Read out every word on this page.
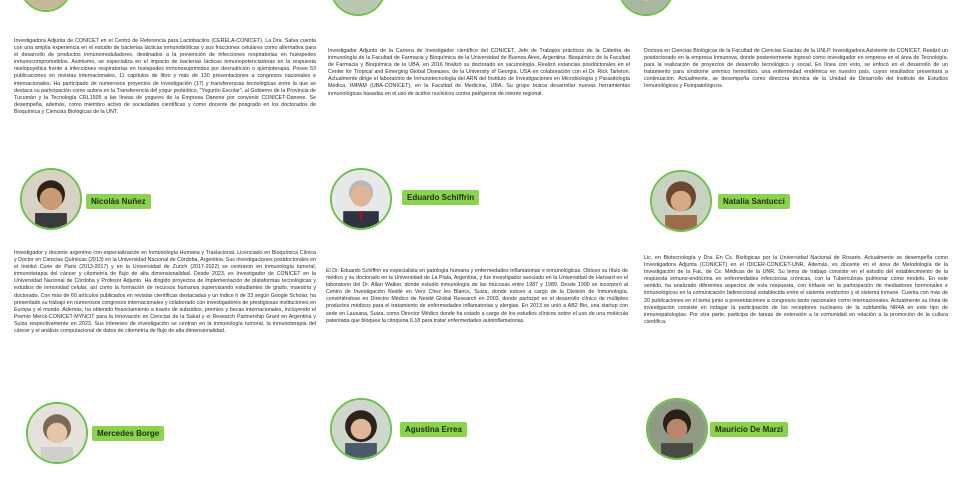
Investigadora Adjunta de CONICET en el Centro de Referencia para Lactobacilos (CERELA-CONICET). La Dra. Salva cuenta con una amplia experiencia en el estudio de bacterias lácticas inmunobióticas y sus fracciones celulares como alternativa para el desarrollo de productos inmunomoduladores, destinados a la prevención de infecciones respiratorias en huéspedes inmunocomprometidos. Asimismo, se especializa en el impacto de bacterias lácticas inmunopotenciadoras en la respuesta mielopoyética frente a infecciones respiratorias en huéspedes inmunosuprimidos por desnutrición o quimioterapia. Posee 53 publicaciones en revistas internacionales, 11 capítulos de libro y más de 130 presentaciones a congresos nacionales e internacionales. Ha participado de numerosos proyectos de investigación (17) y transferencias tecnológicas entre la que se destaca su participación como autora en la Transferencia del yogur probiótico, "Yogurito Escolar", al Gobierno de la Provincia de Tucumán y la Tecnología CRL1505 a las líneas de yogures de la Empresa Danone por convenio CONICET-Danone. Se desempeña, además, como miembro activo de sociedades científicas y como docente de posgrado en los doctorados de Bioquímica y Ciencias Biológicas de la UNT.

Investigador Adjunto de la Carrera de Investigador científico del CONICET. Jefe de Trabajos prácticos de la Cátedra de inmunología de la Facultad de Farmacia y Bioquímica de la Universidad de Buenos Aires, Argentina. Bioquímico de la Facultad de Farmacia y Bioquímica de la UBA, en 2016 finalizó su doctorado en vacunología. Realizó estancias posdoctorales en el Center for Tropical and Emerging Global Diseases, de la University of Georgia, USA en colaboración con el Dr. Rick Tarleton. Actualmente dirige el laboratorio de Inmunotecnología del ARN del Instituto de Investigaciones en Microbiología y Parasitología Médica, IMPAM (UBA-CONICET), en la Facultad de Medicina, UBA. Su grupo busca desarrollar nuevas herramientas inmunológicas basadas en el uso de ácidos nucleicos contra patógenos de interés regional.

Doctora en Ciencias Biológicas de la Facultad de Ciencias Exactas de la UNLP. Investigadora Asistente de CONICET. Realizó un posdoctorado en la empresa Inmunova, donde posteriormente ingresó como investigador en empresa en el área de Tecnología, para la realización de proyectos de desarrollo tecnológico y social. En línea con esto, se enfocó en el desarrollo de un tratamiento para síndrome urémico hemolítico, una enfermedad endémica en nuestro país, cuyos resultados presentará a continuación. Actualmente, se desempeña como directora técnica de la Unidad de Desarrollo del Instituto de Estudios Inmunológicos y Fisiopatológicos.

Nicolás Nuñez	Eduardo Schiffrin	Natalia Santucci

Investigador y docente argentino con especialización en Inmunología Humana y Traslacional. Licenciado en Bioquímica Clínica y Doctor en Ciencias Químicas (2013) en la Universidad Nacional de Córdoba, Argentina. Sus investigaciones postdoctorales en el Institut Curie de Paris (2013-2017) y en la Universidad de Zurich (2017-2022) se centraron en inmunología tumoral, inmunoterapia del cáncer y citometría de flujo de alta dimensionalidad. Desde 2023, es Investigador de CONICET en la Universidad Nacional de Córdoba y Profesor Adjunto. Ha dirigido proyectos de implementación de plataformas tecnológicas y estudios de inmunidad celular, así como la formación de recursos humanos supervisando estudiantes de grado, maestría y doctorado. Con más de 60 artículos publicados en revistas científicas destacadas y un índice h de 33 según Google Scholar, ha presentado su trabajo en numerosos congresos internacionales y colaborado con investigadores de prestigiosas instituciones en Europa y el mundo. Además, ha obtenido financiamiento a través de subsidios, premios y becas internacionales, incluyendo el Premio Merck-CONICET-MYNCIT para la Innovación en Ciencias de la Salud y el Research Partnership Grant en Argentina y Suiza respectivamente en 2023. Sus intereses de investigación se centran en la inmunología tumoral, la inmunoterapia del cáncer y el análisis computacional de datos de citometría de flujo de alta dimensionalidad.

El Dr. Eduardo Schiffrin es especialista en patología humana y enfermedades inflamatorias e inmunológicas. Obtuvo su título de médico y su doctorado en la Universidad de La Plata, Argentina, y fue investigador asociado en la Universidad de Harvard en el laboratorio del Dr. Allan Walker, donde estudió inmunología de las mucosas entre 1987 y 1989. Desde 1990 se incorporó al Centro de Investigación Nestlé en Vers Chez les Blancs, Suiza, donde estuvo a cargo de la División de Inmunología, convirtiéndose en Director Médico de Nestlé Global Research en 2003, donde participó en el desarrollo clínico de múltiples productos médicos para el tratamiento de enfermedades inflamatorias y alergias. En 2013 se unió a AB2 Bio, una startup con sede en Lausana, Suiza, como Director Médico donde ha estado a cargo de los estudios clínicos sobre el uso de una molécula patentada que bloquea la citoquina IL18 para tratar enfermedades autoinflamatorias.

Lic. en Biotecnología y Dra. En Cs. Biológicas por la Universidad Nacional de Rosario. Actualmente se desempeña como Investigadora Adjunta (CONICET) en el IDICER-CONICET-UNR, Además, es docente en el área de Metodología de la Investigación de la Fac. de Cs. Médicas de la UNR. Su tema de trabajo consiste en el estudio del establecimiento de la respuesta inmuno-endócrina en enfermedades infecciosas crónicas, con la Tuberculosis pulmonar como modelo. En este sentido, ha analizado diferentes aspectos de esta respuesta, con énfasis en la participación de mediadores hormonales e inmunológicos en la comunicación bidireccional establecida entre el sistema endócrino y el sistema inmune. Cuenta con más de 20 publicaciones en el tema junto a presentaciones a congresos tanto nacionales como internacionales. Actualmente su línea de investigación consiste en indagar la participación de los receptores nucleares de la subfamilia NR4A en este tipo de inmunopatologías. Por otra parte, participa de tareas de extensión a la comunidad en relación a la promoción de la cultura científica.

Mercedes Borge	Agustina Errea	Mauricio De Marzi
